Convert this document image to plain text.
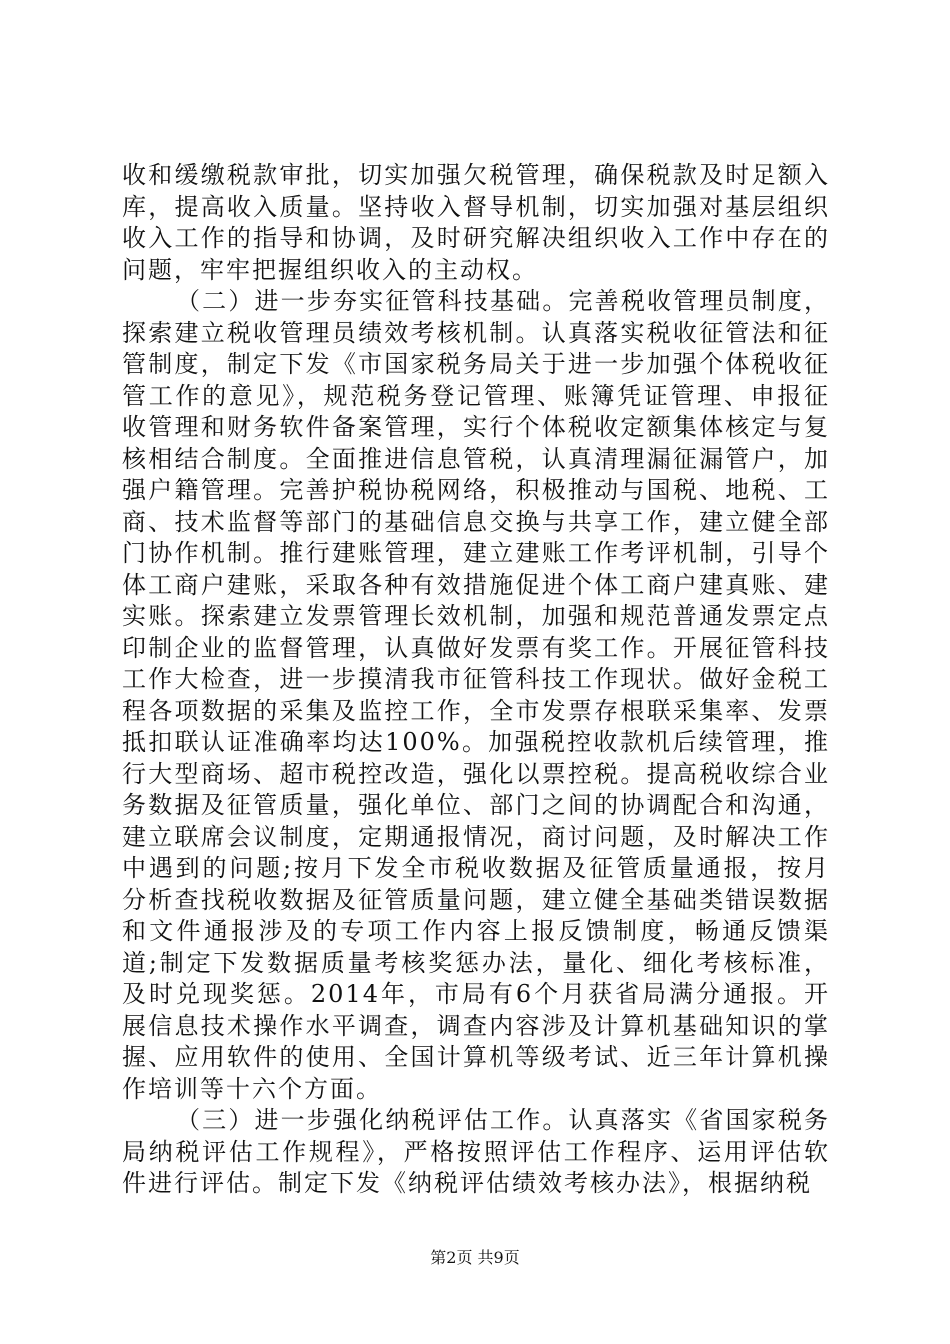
收和缓缴税款审批，切实加强欠税管理，确保税款及时足额入库，提高收入质量。坚持收入督导机制，切实加强对基层组织收入工作的指导和协调，及时研究解决组织收入工作中存在的问题，牢牢把握组织收入的主动权。

（二）进一步夯实征管科技基础。完善税收管理员制度，探索建立税收管理员绩效考核机制。认真落实税收征管法和征管制度，制定下发《市国家税务局关于进一步加强个体税收征管工作的意见》，规范税务登记管理、账簿凭证管理、申报征收管理和财务软件备案管理，实行个体税收定额集体核定与复核相结合制度。全面推进信息管税，认真清理漏征漏管户，加强户籍管理。完善护税协税网络，积极推动与国税、地税、工商、技术监督等部门的基础信息交换与共享工作，建立健全部门协作机制。推行建账管理，建立建账工作考评机制，引导个体工商户建账，采取各种有效措施促进个体工商户建真账、建实账。探索建立发票管理长效机制，加强和规范普通发票定点印制企业的监督管理，认真做好发票有奖工作。开展征管科技工作大检查，进一步摸清我市征管科技工作现状。做好金税工程各项数据的采集及监控工作，全市发票存根联采集率、发票抵扣联认证准确率均达100%。加强税控收款机后续管理，推行大型商场、超市税控改造，强化以票控税。提高税收综合业务数据及征管质量，强化单位、部门之间的协调配合和沟通，建立联席会议制度，定期通报情况，商讨问题，及时解决工作中遇到的问题;按月下发全市税收数据及征管质量通报，按月分析查找税收数据及征管质量问题，建立健全基础类错误数据和文件通报涉及的专项工作内容上报反馈制度，畅通反馈渠道;制定下发数据质量考核奖惩办法，量化、细化考核标准，及时兑现奖惩。2014年，市局有6个月获省局满分通报。开展信息技术操作水平调查，调查内容涉及计算机基础知识的掌握、应用软件的使用、全国计算机等级考试、近三年计算机操作培训等十六个方面。

（三）进一步强化纳税评估工作。认真落实《省国家税务局纳税评估工作规程》，严格按照评估工作程序、运用评估软件进行评估。制定下发《纳税评估绩效考核办法》，根据纳税

第2页 共9页
